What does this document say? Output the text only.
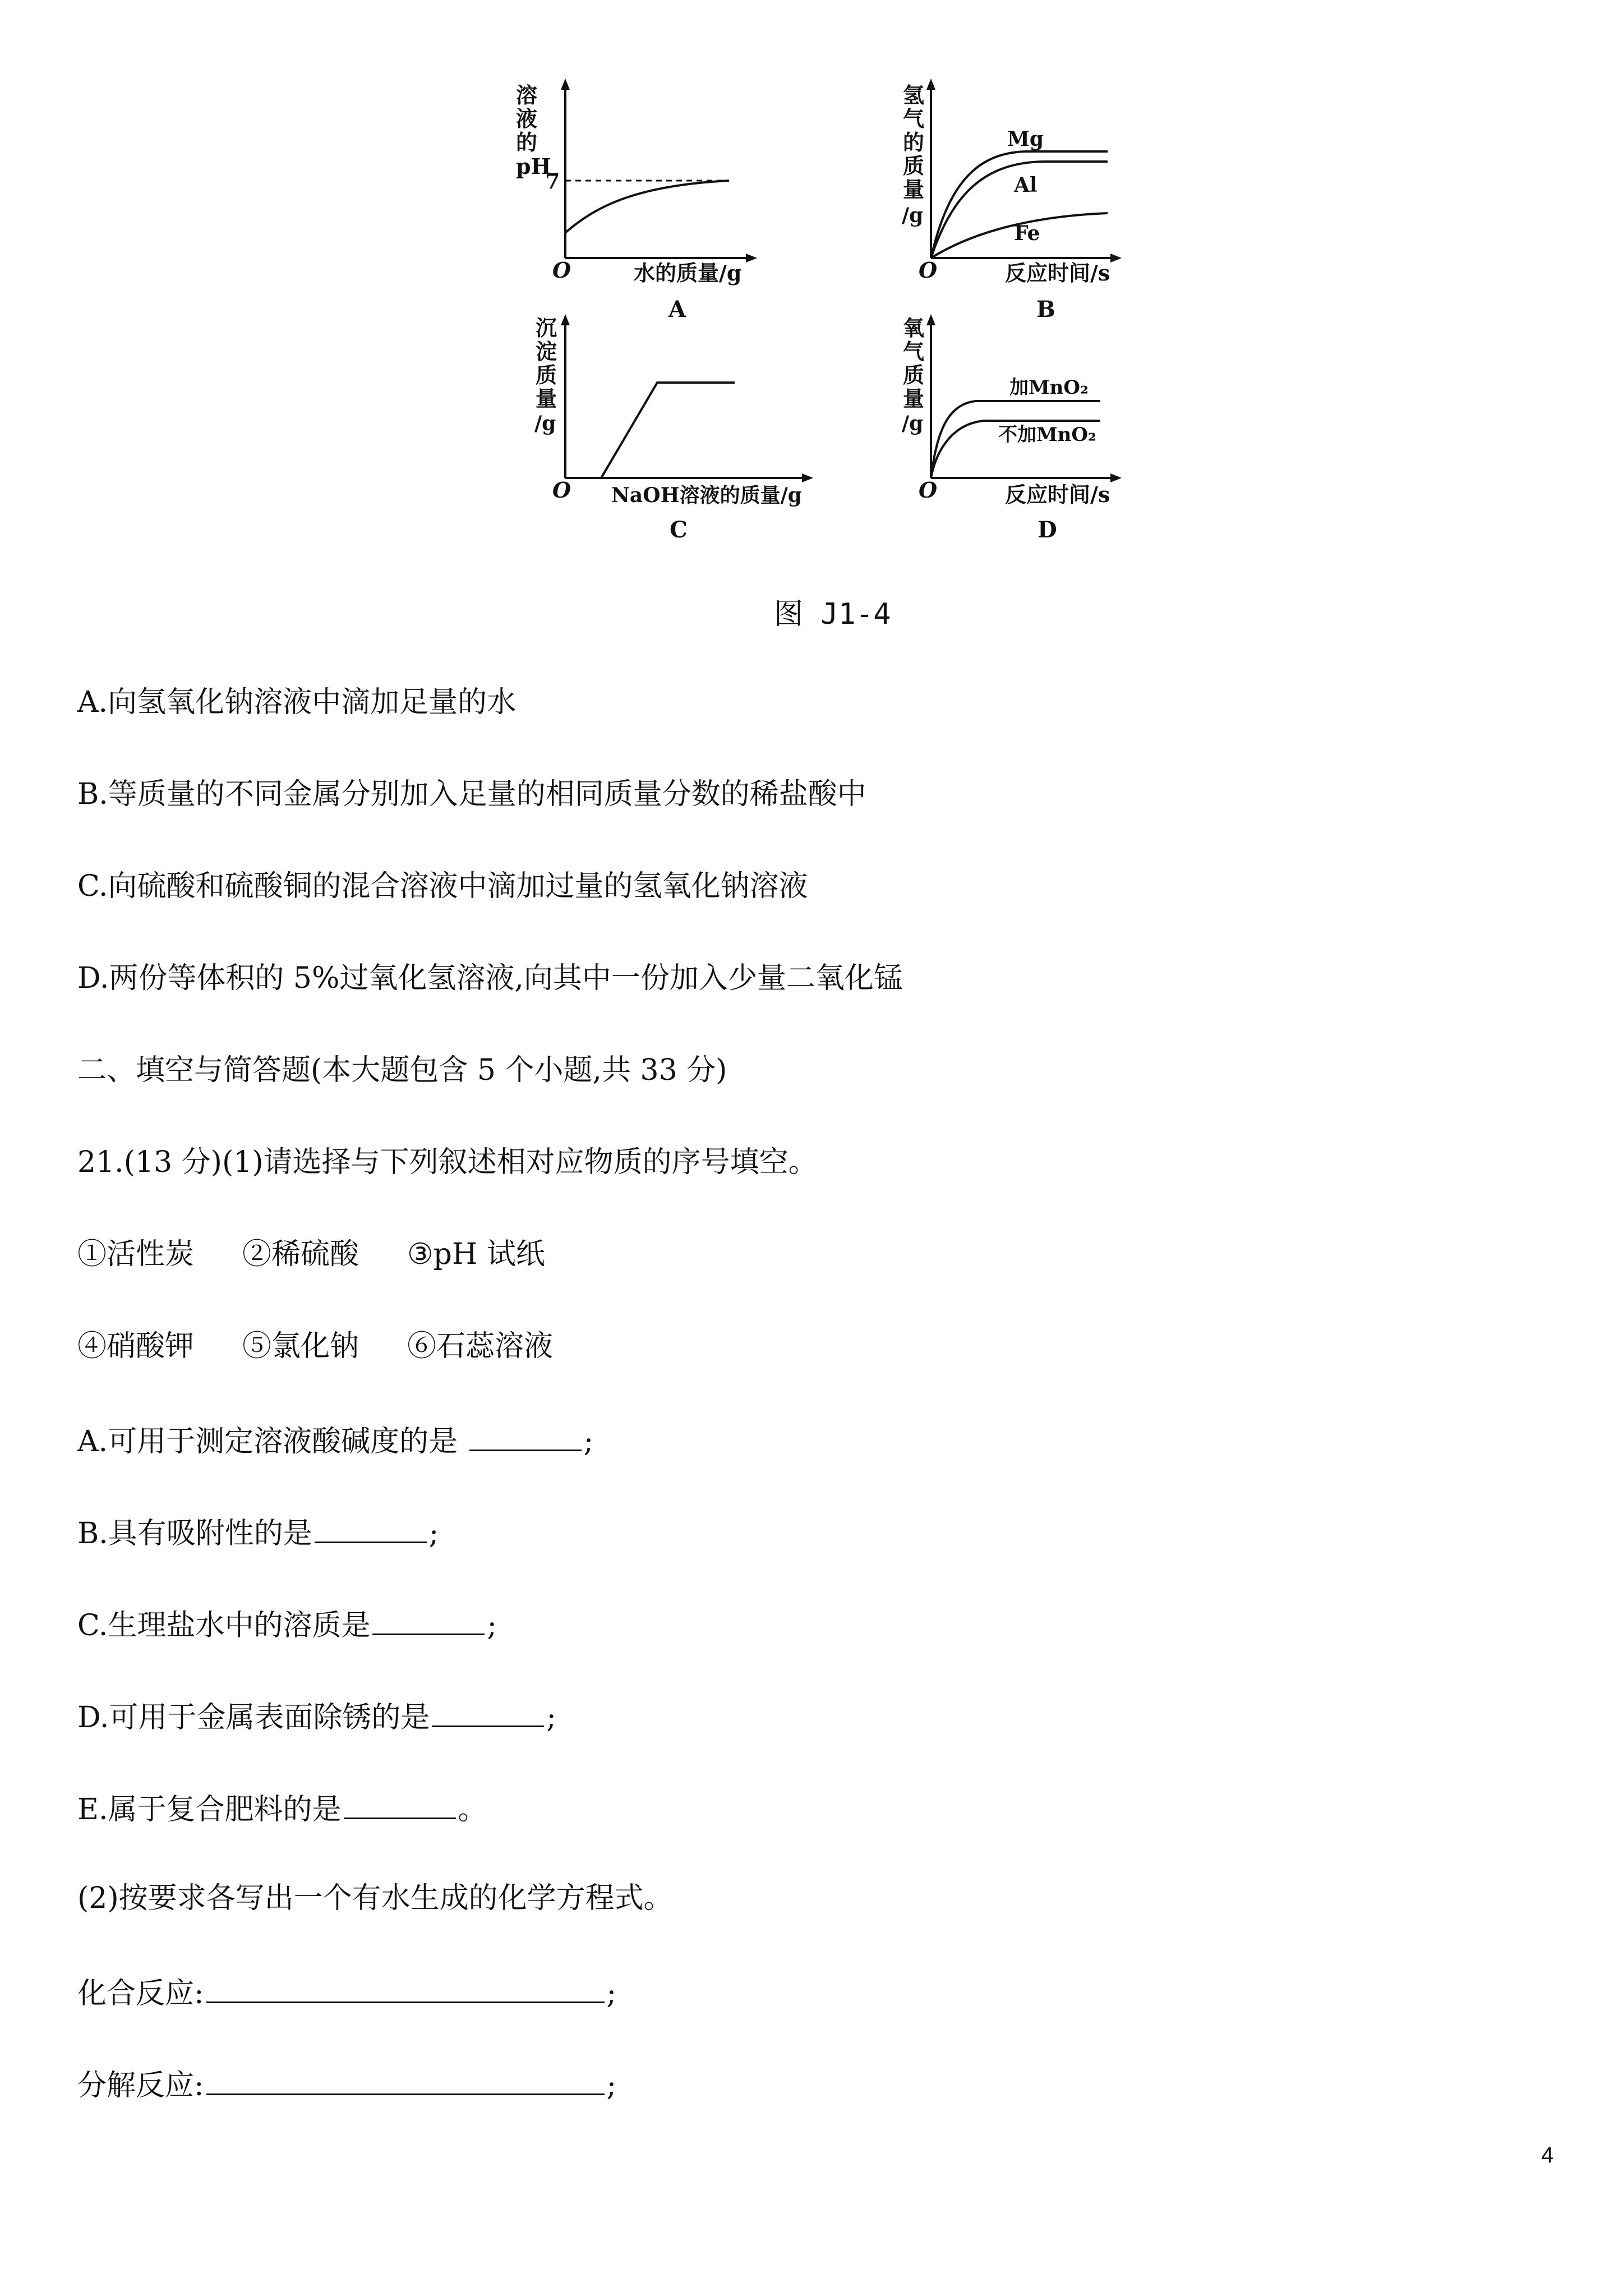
溶
液
的
pH
7
O	水的质量/g
A
氢
气
的
质
量
/g
Mg
Al
Fe
O	反应时间/s
B
沉
淀
质
量
/g
O NaOH溶液的质量/g
C
氧
气
质
量
/g
加MnO₂
不加MnO₂
O	反应时间/s
D
图 J1-4
A.向氢氧化钠溶液中滴加足量的水
B.等质量的不同金属分别加入足量的相同质量分数的稀盐酸中
C.向硫酸和硫酸铜的混合溶液中滴加过量的氢氧化钠溶液
D.两份等体积的 5%过氧化氢溶液,向其中一份加入少量二氧化锰
二、填空与简答题(本大题包含 5 个小题,共 33 分)
21.(13 分)(1)请选择与下列叙述相对应物质的序号填空。
①活性炭 ②稀硫酸 ③pH 试纸
④硝酸钾 ⑤氯化钠 ⑥石蕊溶液
A.可用于测定溶液酸碱度的是	;
B.具有吸附性的是	;
C.生理盐水中的溶质是	;
D.可用于金属表面除锈的是	;
E.属于复合肥料的是	。
(2)按要求各写出一个有水生成的化学方程式。
化合反应:	;
分解反应:	;
4
